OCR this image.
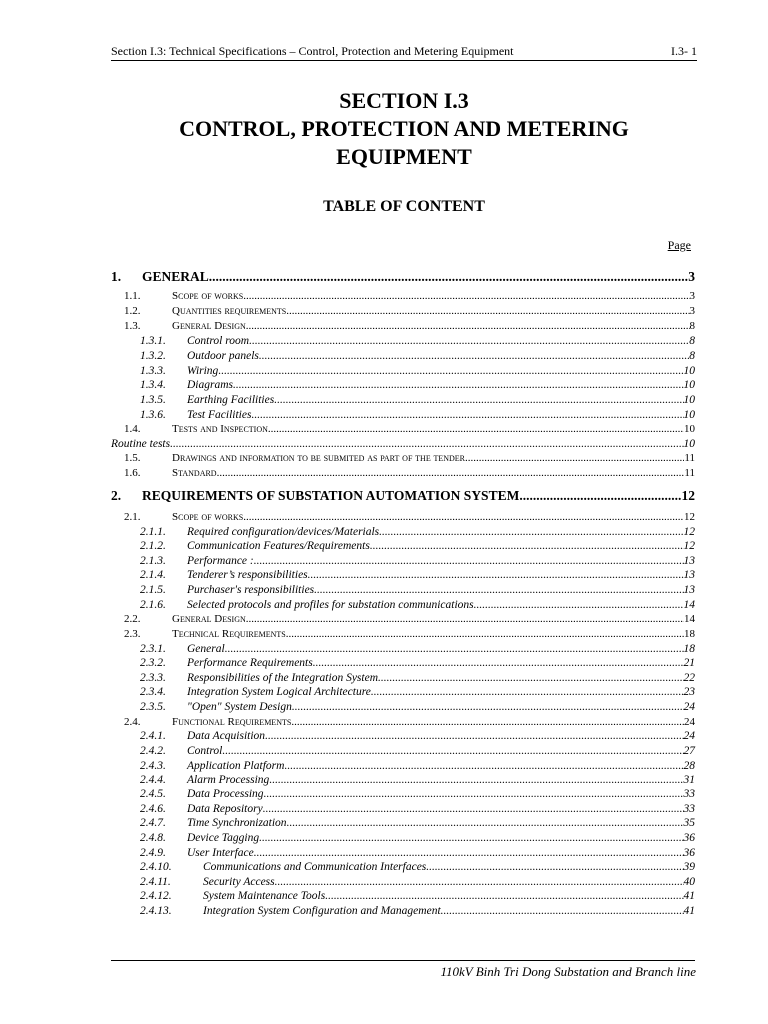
Section I.3: Technical Specifications – Control, Protection and Metering Equipment	I.3- 1
SECTION I.3
CONTROL, PROTECTION AND METERING
EQUIPMENT
TABLE OF CONTENT
Page
1.	GENERAL .....	3
1.1.	Scope of works .....	3
1.2.	Quantities requirements .....	3
1.3.	General Design .....	8
1.3.1.	Control room .....	8
1.3.2.	Outdoor panels .....	8
1.3.3.	Wiring .....	10
1.3.4.	Diagrams .....	10
1.3.5.	Earthing Facilities .....	10
1.3.6.	Test Facilities .....	10
1.4.	Tests and Inspection .....	10
Routine tests .....	10
1.5.	Drawings and information to be submited as part of the tender .....	11
1.6.	Standard .....	11
2.	REQUIREMENTS OF SUBSTATION AUTOMATION SYSTEM .....	12
2.1.	Scope of works .....	12
2.1.1.	Required configuration/devices/Materials .....	12
2.1.2.	Communication Features/Requirements .....	12
2.1.3.	Performance : .....	13
2.1.4.	Tenderer’s responsibilities .....	13
2.1.5.	Purchaser's responsibilities .....	13
2.1.6.	Selected protocols and profiles for substation communications .....	14
2.2.	General Design .....	14
2.3.	Technical Requirements .....	18
2.3.1.	General .....	18
2.3.2.	Performance Requirements .....	21
2.3.3.	Responsibilities of the Integration System .....	22
2.3.4.	Integration System Logical Architecture .....	23
2.3.5.	"Open" System Design .....	24
2.4.	Functional Requirements .....	24
2.4.1.	Data Acquisition .....	24
2.4.2.	Control .....	27
2.4.3.	Application Platform .....	28
2.4.4.	Alarm Processing .....	31
2.4.5.	Data Processing .....	33
2.4.6.	Data Repository .....	33
2.4.7.	Time Synchronization .....	35
2.4.8.	Device Tagging .....	36
2.4.9.	User Interface .....	36
2.4.10.	Communications and Communication Interfaces .....	39
2.4.11.	Security Access .....	40
2.4.12.	System Maintenance Tools .....	41
2.4.13.	Integration System Configuration and Management .....	41
110kV Binh Tri Dong Substation and Branch line
